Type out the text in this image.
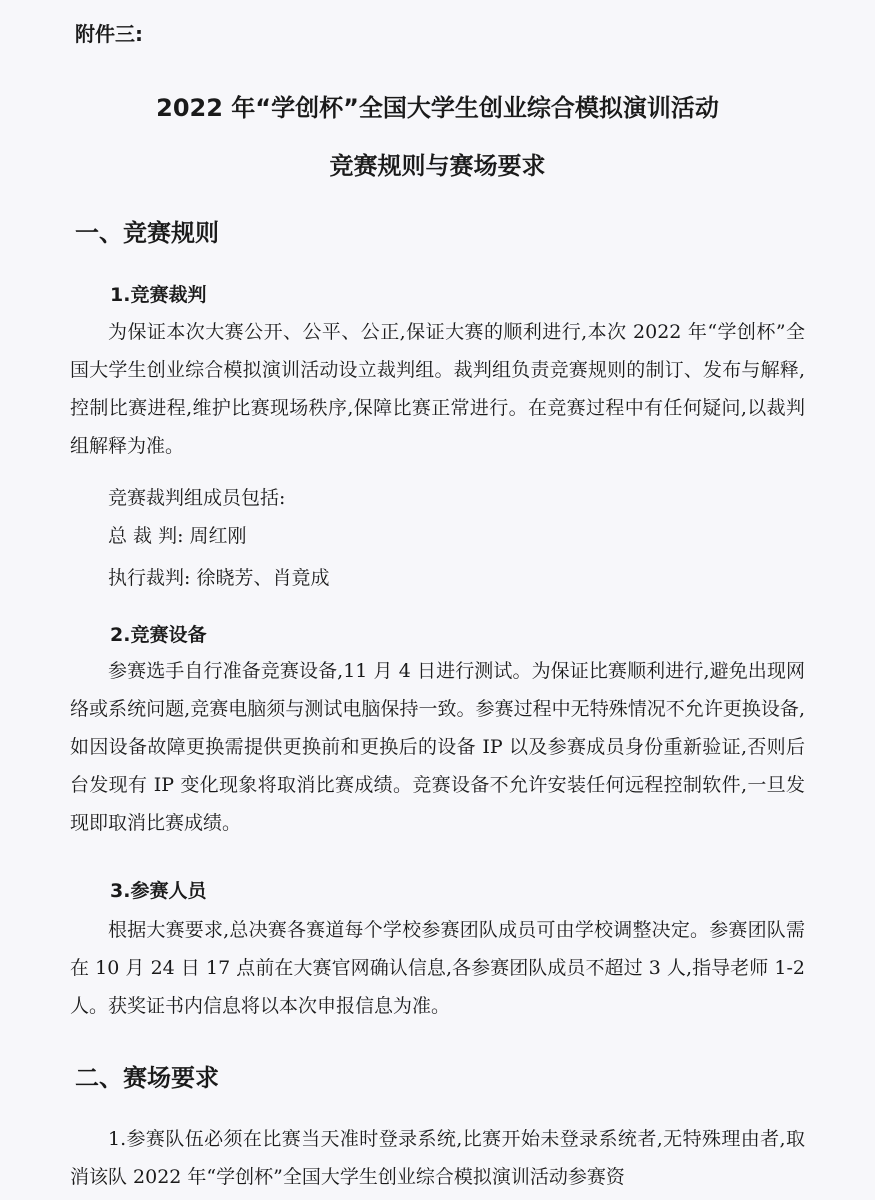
附件三:
2022 年“学创杯”全国大学生创业综合模拟演训活动
竞赛规则与赛场要求
一、竞赛规则
1.竞赛裁判

为保证本次大赛公开、公平、公正,保证大赛的顺利进行,本次 2022 年“学创杯”全国大学生创业综合模拟演训活动设立裁判组。裁判组负责竞赛规则的制订、发布与解释,控制比赛进程,维护比赛现场秩序,保障比赛正常进行。在竞赛过程中有任何疑问,以裁判组解释为准。

竞赛裁判组成员包括:
总 裁 判: 周红刚
执行裁判: 徐晓芳、肖竟成
2.竞赛设备

参赛选手自行准备竞赛设备,11 月 4 日进行测试。为保证比赛顺利进行,避免出现网络或系统问题,竞赛电脑须与测试电脑保持一致。参赛过程中无特殊情况不允许更换设备,如因设备故障更换需提供更换前和更换后的设备 IP 以及参赛成员身份重新验证,否则后台发现有 IP 变化现象将取消比赛成绩。竞赛设备不允许安装任何远程控制软件,一旦发现即取消比赛成绩。

3.参赛人员

根据大赛要求,总决赛各赛道每个学校参赛团队成员可由学校调整决定。参赛团队需在 10 月 24 日 17 点前在大赛官网确认信息,各参赛团队成员不超过 3 人,指导老师 1-2 人。获奖证书内信息将以本次申报信息为准。

二、赛场要求

1.参赛队伍必须在比赛当天准时登录系统,比赛开始未登录系统者,无特殊理由者,取消该队 2022 年“学创杯”全国大学生创业综合模拟演训活动参赛资
